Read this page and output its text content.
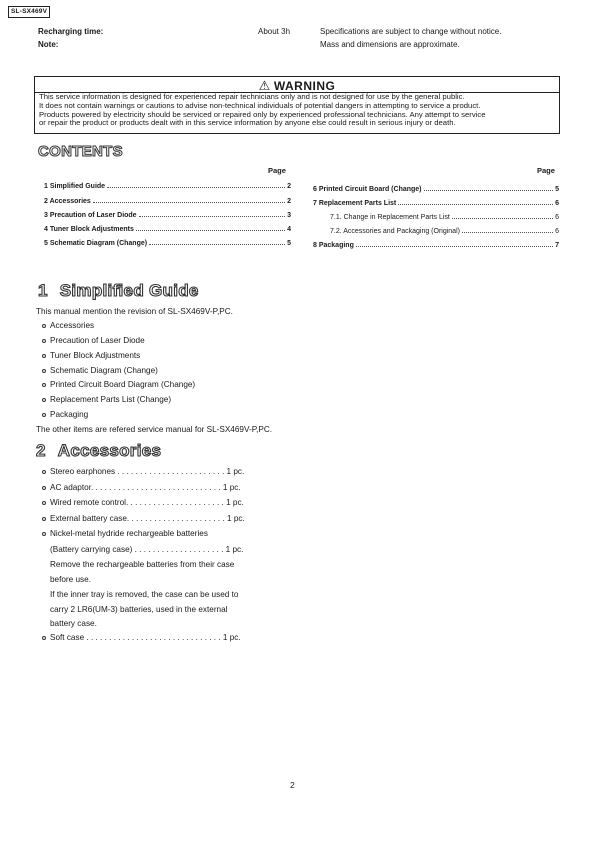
SL-SX469V
Recharging time:	About 3h	Specifications are subject to change without notice.
Note:	Mass and dimensions are approximate.
⚠ WARNING
This service information is designed for experienced repair technicians only and is not designed for use by the general public.
It does not contain warnings or cautions to advise non-technical individuals of potential dangers in attempting to service a product.
Products powered by electricity should be serviced or repaired only by experienced professional technicians. Any attempt to service
or repair the product or products dealt with in this service information by anyone else could result in serious injury or death.
CONTENTS
Page	Page
1 Simplified Guide	2
2 Accessories	2
3 Precaution of Laser Diode	3
4 Tuner Block Adjustments	4
5 Schematic Diagram (Change)	5
6 Printed Circuit Board (Change)	5
7 Replacement Parts List	6
7.1. Change in Replacement Parts List	6
7.2. Accessories and Packaging (Original)	6
8 Packaging	7
1 Simplified Guide
This manual mention the revision of SL-SX469V-P,PC.
Accessories
Precaution of Laser Diode
Tuner Block Adjustments
Schematic Diagram (Change)
Printed Circuit Board Diagram (Change)
Replacement Parts List (Change)
Packaging
The other items are refered service manual for SL-SX469V-P,PC.
2 Accessories
Stereo earphones . . . . . . . . . . . . . . . . . . . . . . . . 1 pc.
AC adaptor. . . . . . . . . . . . . . . . . . . . . . . . . . . . . 1 pc.
Wired remote control. . . . . . . . . . . . . . . . . . . . . . 1 pc.
External battery case. . . . . . . . . . . . . . . . . . . . . . 1 pc.
Nickel-metal hydride rechargeable batteries
(Battery carrying case) . . . . . . . . . . . . . . . . . . . . 1 pc.
Remove the rechargeable batteries from their case
before use.
If the inner tray is removed, the case can be used to
carry 2 LR6(UM-3) batteries, used in the external
battery case.
Soft case . . . . . . . . . . . . . . . . . . . . . . . . . . . . . . 1 pc.
2
